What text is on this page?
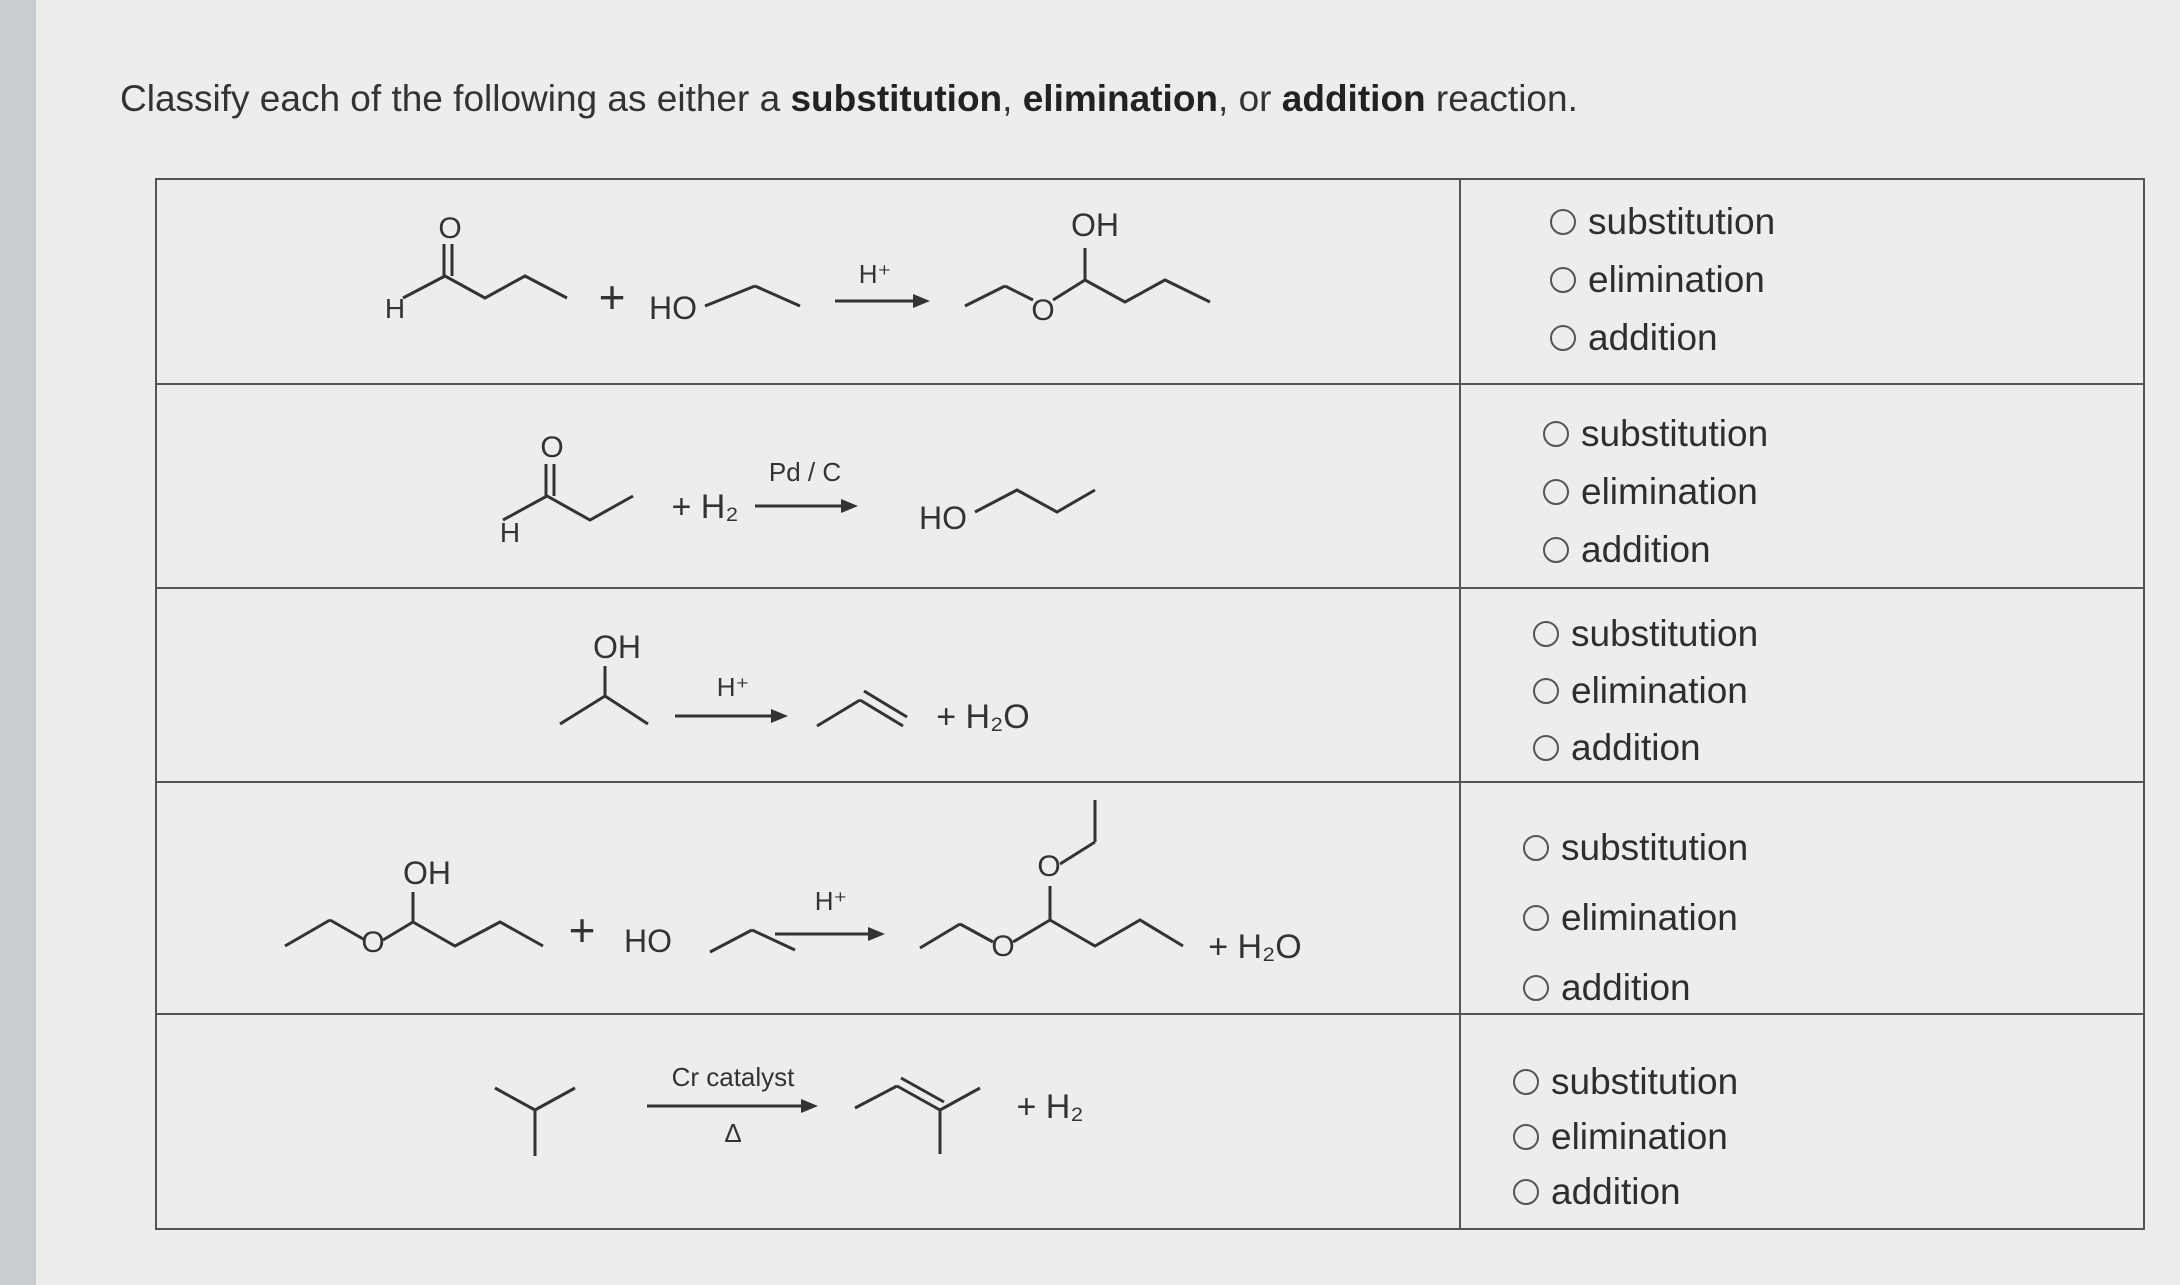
Classify each of the following as either a substitution, elimination, or addition reaction.
O
H	+ HO
H⁺
OH
O
substitution
elimination
addition
O
H
+ H₂
Pd / C
HO
substitution
elimination
addition
OH
H⁺
+ H₂O
substitution
elimination
addition
OH
O	+ HO
H⁺
O
O	+ H₂O
substitution
elimination
addition
Cr catalyst
Δ
+ H₂
substitution
elimination
addition
